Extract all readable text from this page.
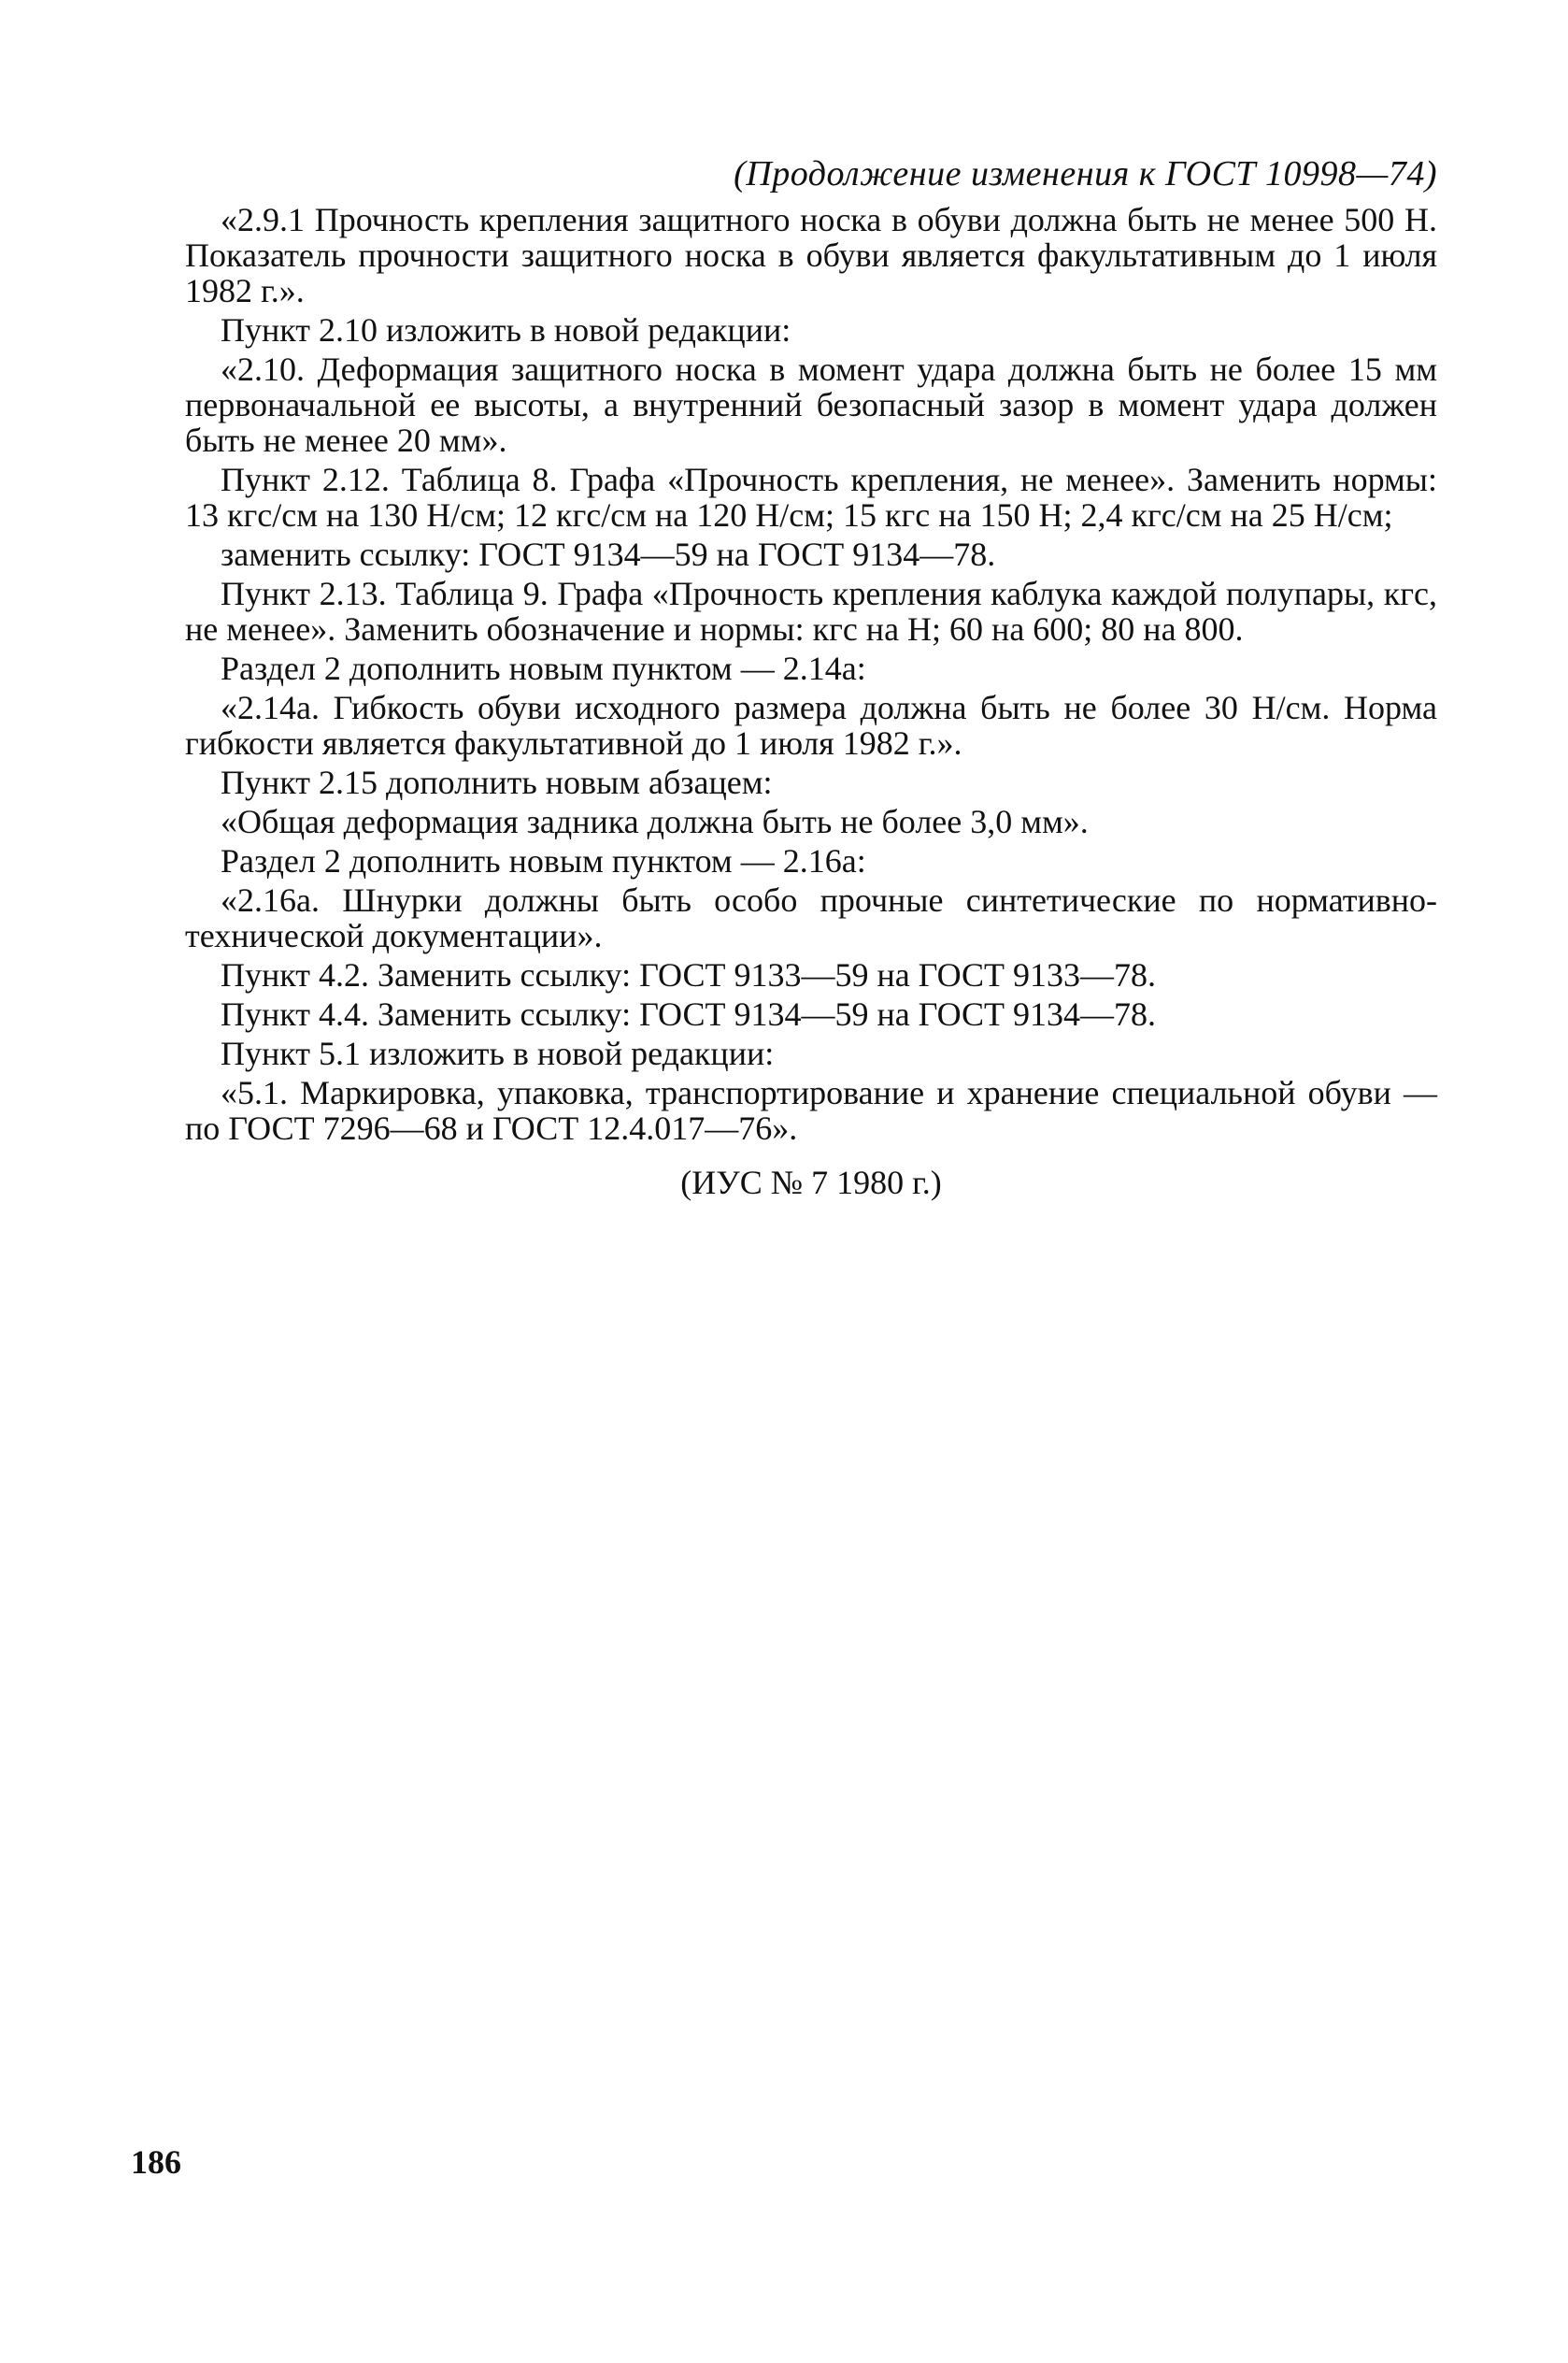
(Продолжение изменения к ГОСТ 10998—74)

«2.9.1 Прочность крепления защитного носка в обуви должна быть не менее 500 Н. Показатель прочности защитного носка в обуви является факультативным до 1 июля 1982 г.».

Пункт 2.10 изложить в новой редакции:

«2.10. Деформация защитного носка в момент удара должна быть не более 15 мм первоначальной ее высоты, а внутренний безопасный зазор в момент удара должен быть не менее 20 мм».

Пункт 2.12. Таблица 8. Графа «Прочность крепления, не менее». Заменить нормы: 13 кгс/см на 130 Н/см; 12 кгс/см на 120 Н/см; 15 кгс на 150 Н; 2,4 кгс/см на 25 Н/см;

заменить ссылку: ГОСТ 9134—59 на ГОСТ 9134—78.

Пункт 2.13. Таблица 9. Графа «Прочность крепления каблука каждой полупары, кгс, не менее». Заменить обозначение и нормы: кгс на Н; 60 на 600; 80 на 800.

Раздел 2 дополнить новым пунктом — 2.14а:

«2.14а. Гибкость обуви исходного размера должна быть не более 30 Н/см. Норма гибкости является факультативной до 1 июля 1982 г.».

Пункт 2.15 дополнить новым абзацем:

«Общая деформация задника должна быть не более 3,0 мм».

Раздел 2 дополнить новым пунктом — 2.16а:

«2.16а. Шнурки должны быть особо прочные синтетические по нормативно-технической документации».

Пункт 4.2. Заменить ссылку: ГОСТ 9133—59 на ГОСТ 9133—78.

Пункт 4.4. Заменить ссылку: ГОСТ 9134—59 на ГОСТ 9134—78.

Пункт 5.1 изложить в новой редакции:

«5.1. Маркировка, упаковка, транспортирование и хранение специальной обуви — по ГОСТ 7296—68 и ГОСТ 12.4.017—76».

(ИУС № 7 1980 г.)
186
